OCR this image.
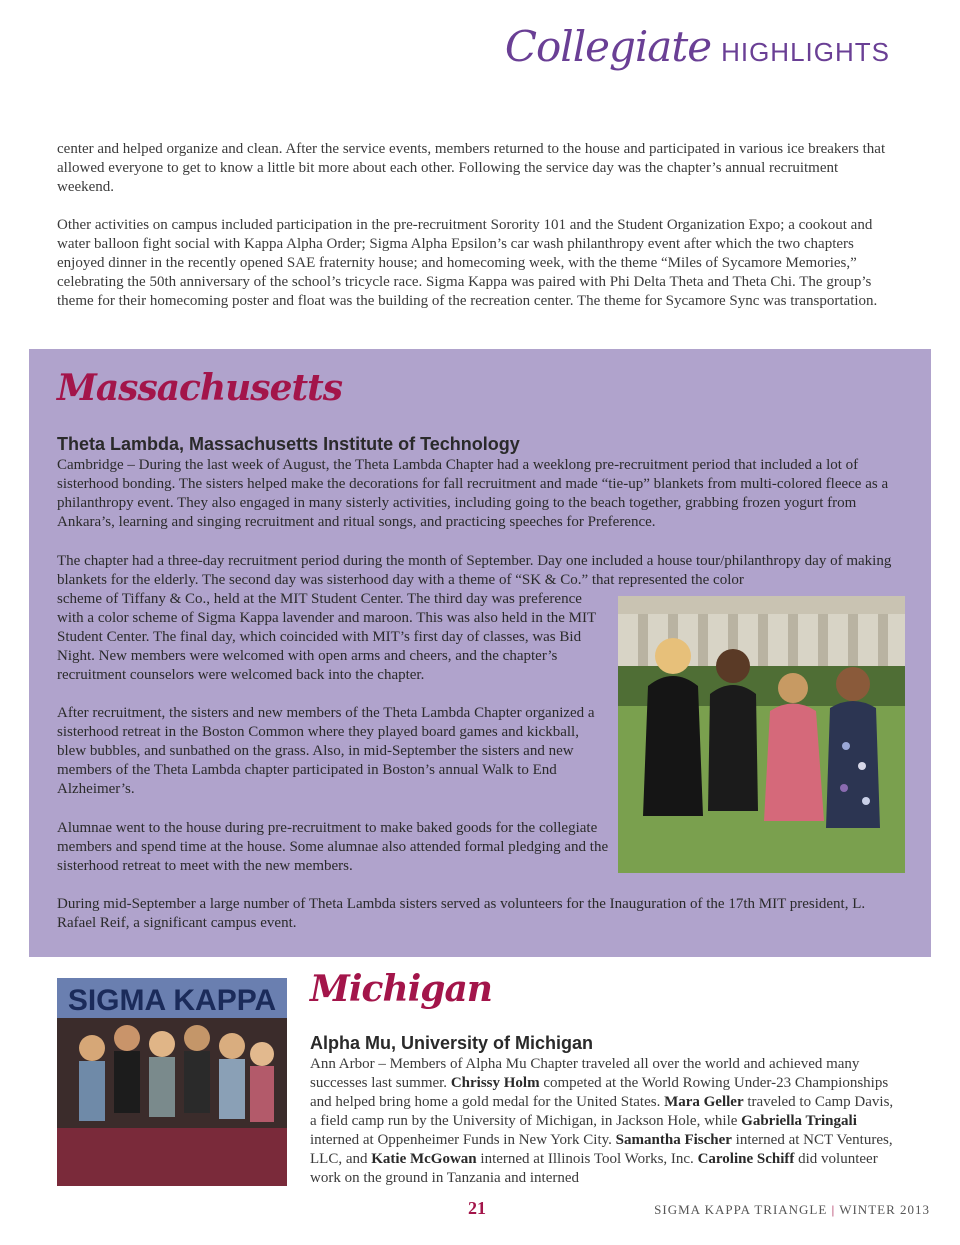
Collegiate HIGHLIGHTS

center and helped organize and clean. After the service events, members returned to the house and participated in various ice breakers that allowed everyone to get to know a little bit more about each other. Following the service day was the chapter’s annual recruitment weekend.

Other activities on campus included participation in the pre-recruitment Sorority 101 and the Student Organization Expo; a cookout and water balloon fight social with Kappa Alpha Order; Sigma Alpha Epsilon’s car wash philanthropy event after which the two chapters enjoyed dinner in the recently opened SAE fraternity house; and homecoming week, with the theme “Miles of Sycamore Memories,” celebrating the 50th anniversary of the school’s tricycle race. Sigma Kappa was paired with Phi Delta Theta and Theta Chi. The group’s theme for their homecoming poster and float was the building of the recreation center. The theme for Sycamore Sync was transportation.

Massachusetts
Theta Lambda, Massachusetts Institute of Technology

Cambridge – During the last week of August, the Theta Lambda Chapter had a weeklong pre-recruitment period that included a lot of sisterhood bonding. The sisters helped make the decorations for fall recruitment and made “tie-up” blankets from multi-colored fleece as a philanthropy event. They also engaged in many sisterly activities, including going to the beach together, grabbing frozen yogurt from Ankara’s, learning and singing recruitment and ritual songs, and practicing speeches for Preference.

The chapter had a three-day recruitment period during the month of September. Day one included a house tour/philanthropy day of making blankets for the elderly. The second day was sisterhood day with a theme of “SK & Co.” that represented the color

scheme of Tiffany & Co., held at the MIT Student Center. The third day was preference with a color scheme of Sigma Kappa lavender and maroon. This was also held in the MIT Student Center. The final day, which coincided with MIT’s first day of classes, was Bid Night. New members were welcomed with open arms and cheers, and the chapter’s recruitment counselors were welcomed back into the chapter.

After recruitment, the sisters and new members of the Theta Lambda Chapter organized a sisterhood retreat in the Boston Common where they played board games and kickball, blew bubbles, and sunbathed on the grass. Also, in mid-September the sisters and new members of the Theta Lambda chapter participated in Boston’s annual Walk to End Alzheimer’s.

Alumnae went to the house during pre-recruitment to make baked goods for the collegiate members and spend time at the house. Some alumnae also attended formal pledging and the sisterhood retreat to meet with the new members.

During mid-September a large number of Theta Lambda sisters served as volunteers for the Inauguration of the 17th MIT president, L. Rafael Reif, a significant campus event.

SIGMA KAPPA Michigan
Alpha Mu, University of Michigan

Ann Arbor – Members of Alpha Mu Chapter traveled all over the world and achieved many successes last summer. Chrissy Holm competed at the World Rowing Under-23 Championships and helped bring home a gold medal for the United States. Mara Geller traveled to Camp Davis, a field camp run by the University of Michigan, in Jackson Hole, while Gabriella Tringali interned at Oppenheimer Funds in New York City. Samantha Fischer interned at NCT Ventures, LLC, and Katie McGowan interned at Illinois Tool Works, Inc. Caroline Schiff did volunteer work on the ground in Tanzania and interned

21	SIGMA KAPPA TRIANGLE | WINTER 2013
